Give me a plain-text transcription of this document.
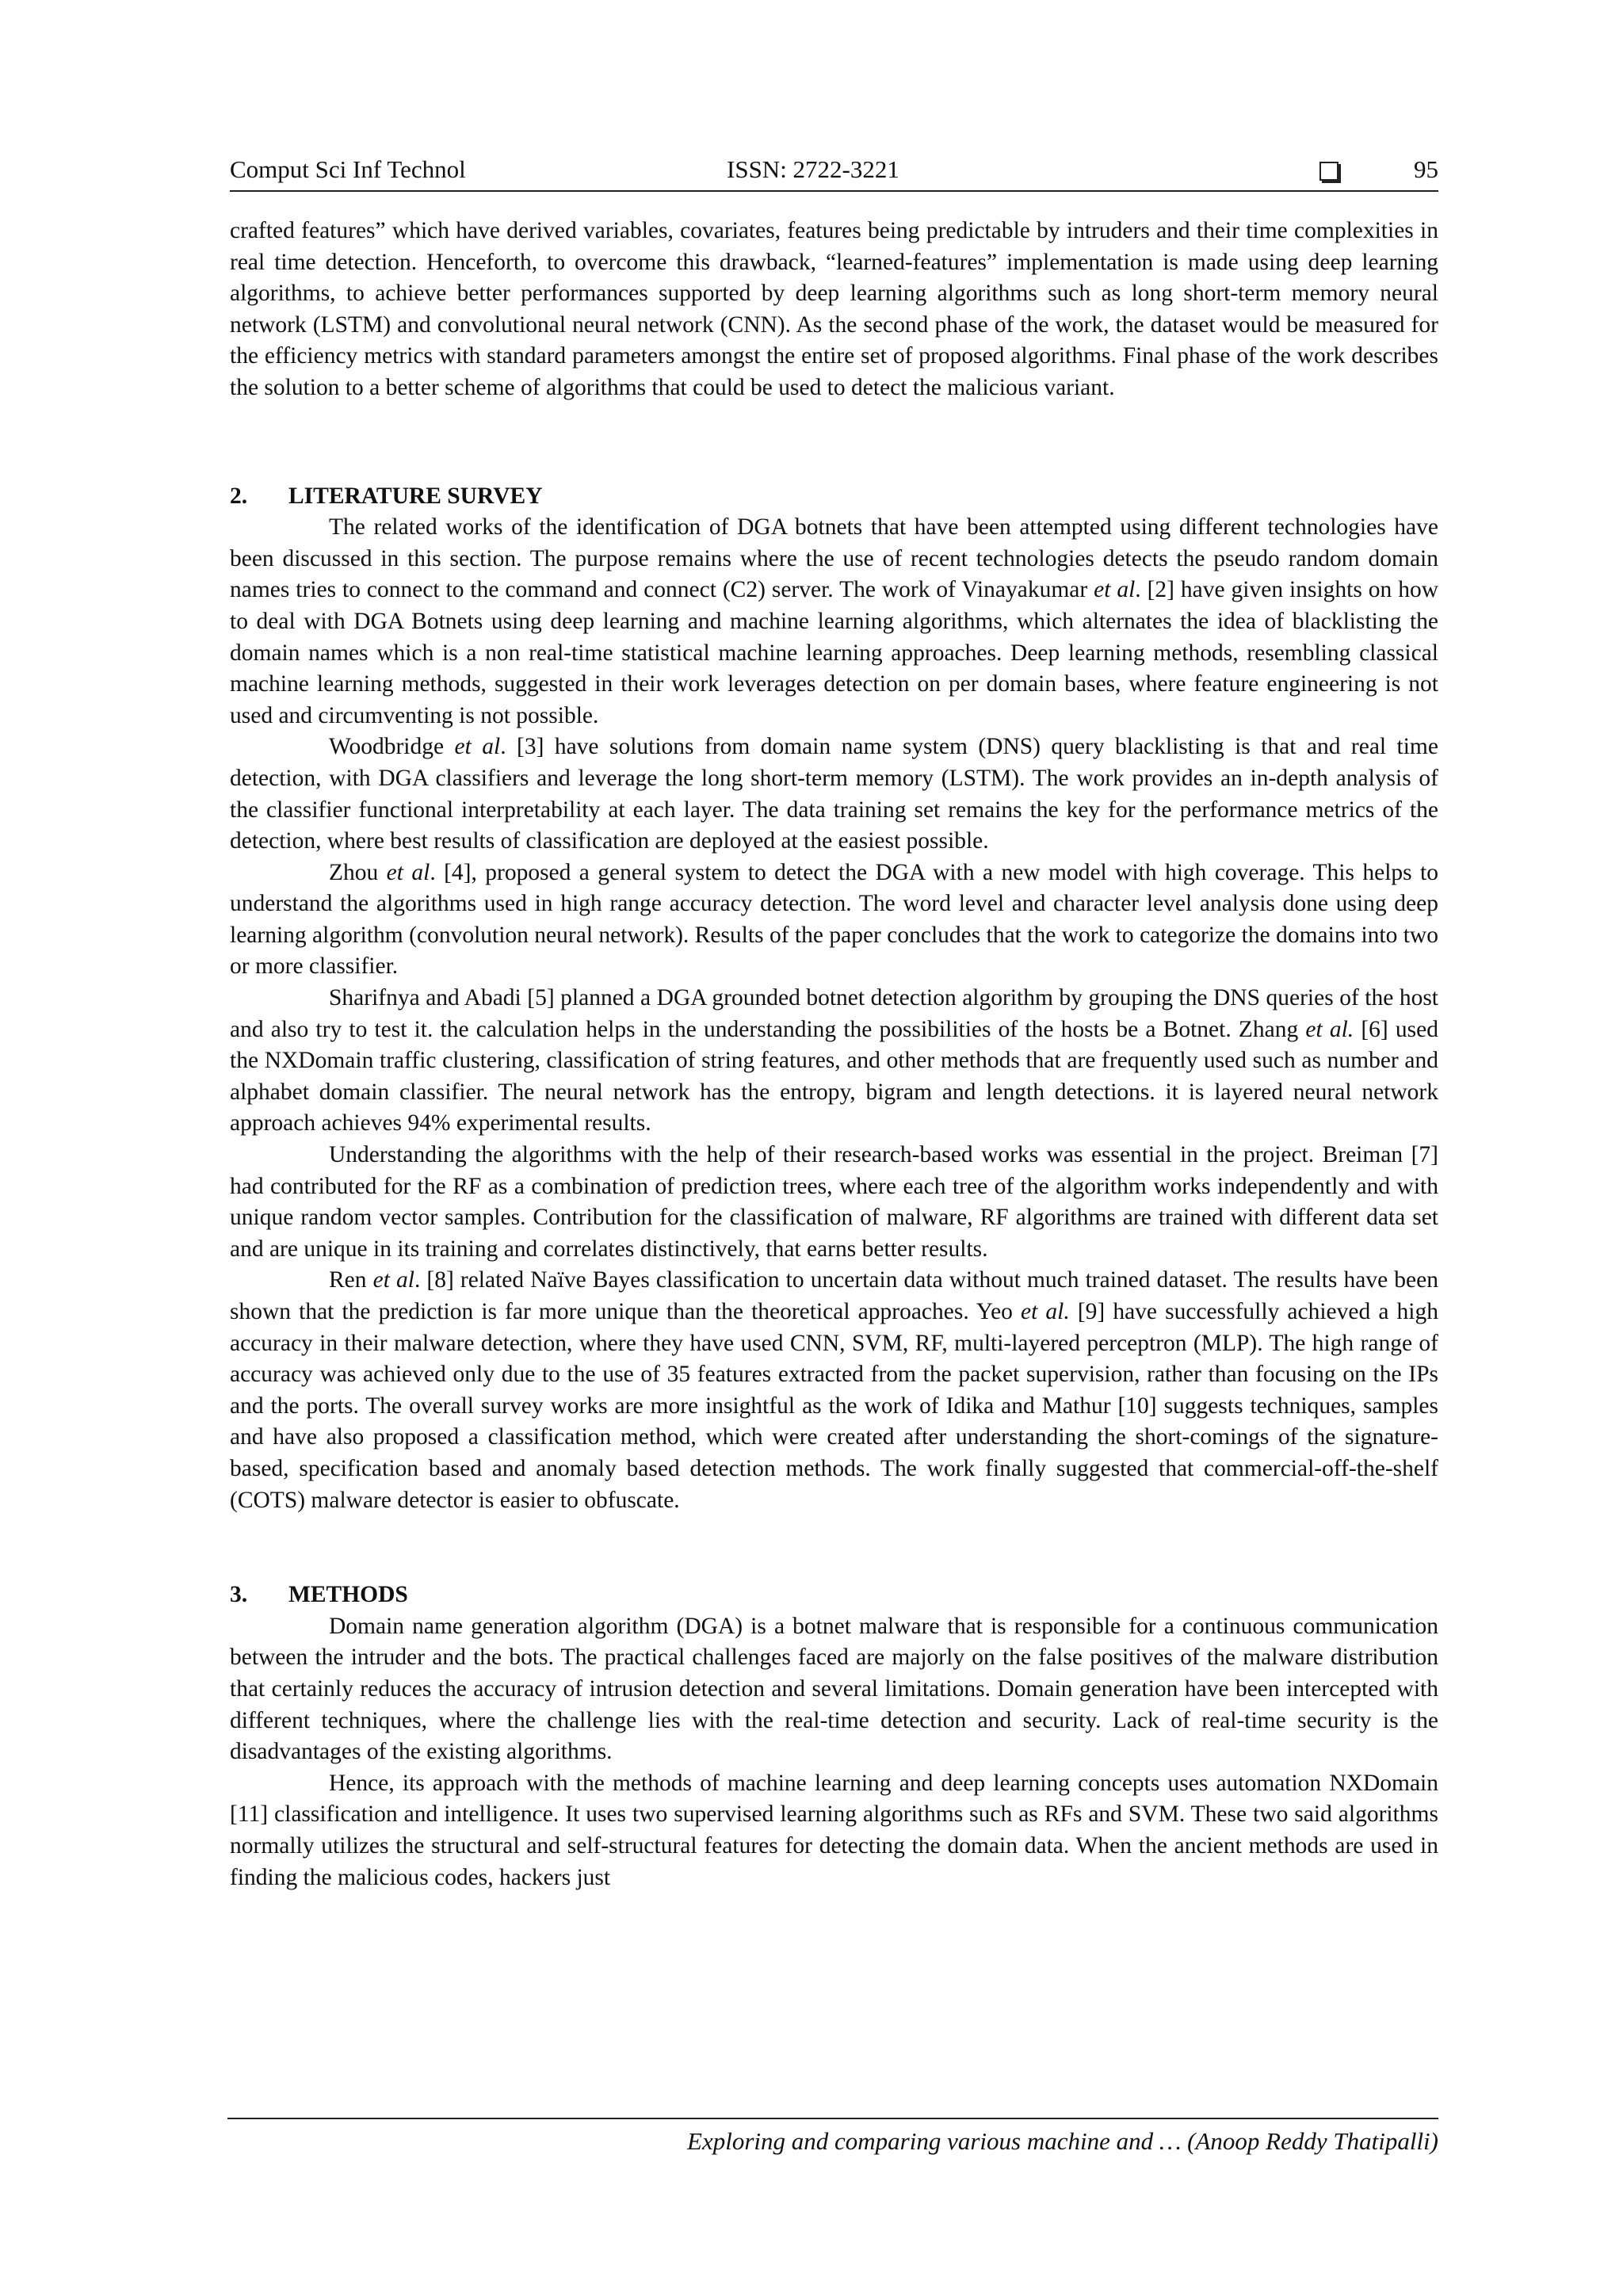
Comput Sci Inf Technol	ISSN: 2722-3221	95

crafted features” which have derived variables, covariates, features being predictable by intruders and their time complexities in real time detection. Henceforth, to overcome this drawback, “learned-features” implementation is made using deep learning algorithms, to achieve better performances supported by deep learning algorithms such as long short-term memory neural network (LSTM) and convolutional neural network (CNN). As the second phase of the work, the dataset would be measured for the efficiency metrics with standard parameters amongst the entire set of proposed algorithms. Final phase of the work describes the solution to a better scheme of algorithms that could be used to detect the malicious variant.

2. LITERATURE SURVEY

The related works of the identification of DGA botnets that have been attempted using different technologies have been discussed in this section. The purpose remains where the use of recent technologies detects the pseudo random domain names tries to connect to the command and connect (C2) server. The work of Vinayakumar et al. [2] have given insights on how to deal with DGA Botnets using deep learning and machine learning algorithms, which alternates the idea of blacklisting the domain names which is a non real-time statistical machine learning approaches. Deep learning methods, resembling classical machine learning methods, suggested in their work leverages detection on per domain bases, where feature engineering is not used and circumventing is not possible.

Woodbridge et al. [3] have solutions from domain name system (DNS) query blacklisting is that and real time detection, with DGA classifiers and leverage the long short-term memory (LSTM). The work provides an in-depth analysis of the classifier functional interpretability at each layer. The data training set remains the key for the performance metrics of the detection, where best results of classification are deployed at the easiest possible.

Zhou et al. [4], proposed a general system to detect the DGA with a new model with high coverage. This helps to understand the algorithms used in high range accuracy detection. The word level and character level analysis done using deep learning algorithm (convolution neural network). Results of the paper concludes that the work to categorize the domains into two or more classifier.

Sharifnya and Abadi [5] planned a DGA grounded botnet detection algorithm by grouping the DNS queries of the host and also try to test it. the calculation helps in the understanding the possibilities of the hosts be a Botnet. Zhang et al. [6] used the NXDomain traffic clustering, classification of string features, and other methods that are frequently used such as number and alphabet domain classifier. The neural network has the entropy, bigram and length detections. it is layered neural network approach achieves 94% experimental results.

Understanding the algorithms with the help of their research-based works was essential in the project. Breiman [7] had contributed for the RF as a combination of prediction trees, where each tree of the algorithm works independently and with unique random vector samples. Contribution for the classification of malware, RF algorithms are trained with different data set and are unique in its training and correlates distinctively, that earns better results.

Ren et al. [8] related Naïve Bayes classification to uncertain data without much trained dataset. The results have been shown that the prediction is far more unique than the theoretical approaches. Yeo et al. [9] have successfully achieved a high accuracy in their malware detection, where they have used CNN, SVM, RF, multi-layered perceptron (MLP). The high range of accuracy was achieved only due to the use of 35 features extracted from the packet supervision, rather than focusing on the IPs and the ports. The overall survey works are more insightful as the work of Idika and Mathur [10] suggests techniques, samples and have also proposed a classification method, which were created after understanding the short-comings of the signature-based, specification based and anomaly based detection methods. The work finally suggested that commercial-off-the-shelf (COTS) malware detector is easier to obfuscate.

3. METHODS

Domain name generation algorithm (DGA) is a botnet malware that is responsible for a continuous communication between the intruder and the bots. The practical challenges faced are majorly on the false positives of the malware distribution that certainly reduces the accuracy of intrusion detection and several limitations. Domain generation have been intercepted with different techniques, where the challenge lies with the real-time detection and security. Lack of real-time security is the disadvantages of the existing algorithms.

Hence, its approach with the methods of machine learning and deep learning concepts uses automation NXDomain [11] classification and intelligence. It uses two supervised learning algorithms such as RFs and SVM. These two said algorithms normally utilizes the structural and self-structural features for detecting the domain data. When the ancient methods are used in finding the malicious codes, hackers just

Exploring and comparing various machine and … (Anoop Reddy Thatipalli)
